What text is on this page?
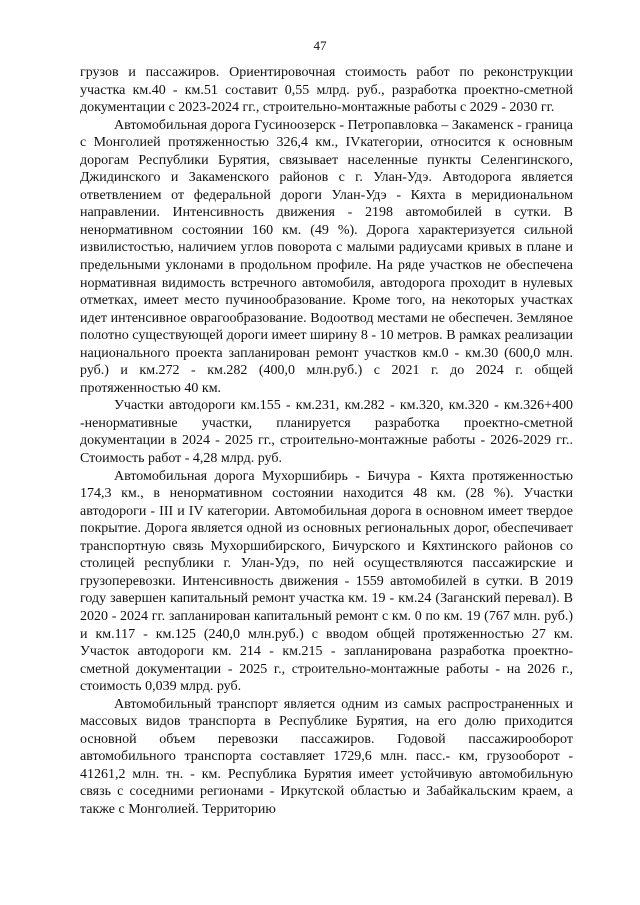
47

грузов и пассажиров. Ориентировочная стоимость работ по реконструкции участка км.40 - км.51 составит 0,55 млрд. руб., разработка проектно-сметной документации с 2023-2024 гг., строительно-монтажные работы с 2029 - 2030 гг.

Автомобильная дорога Гусиноозерск - Петропавловка – Закаменск - граница с Монголией протяженностью 326,4 км., IVкатегории, относится к основным дорогам Республики Бурятия, связывает населенные пункты Селенгинского, Джидинского и Закаменского районов с г. Улан-Удэ. Автодорога является ответвлением от федеральной дороги Улан-Удэ - Кяхта в меридиональном направлении. Интенсивность движения - 2198 автомобилей в сутки. В ненормативном состоянии 160 км. (49 %). Дорога характеризуется сильной извилистостью, наличием углов поворота с малыми радиусами кривых в плане и предельными уклонами в продольном профиле. На ряде участков не обеспечена нормативная видимость встречного автомобиля, автодорога проходит в нулевых отметках, имеет место пучинообразование. Кроме того, на некоторых участках идет интенсивное оврагообразование. Водоотвод местами не обеспечен. Земляное полотно существующей дороги имеет ширину 8 - 10 метров. В рамках реализации национального проекта запланирован ремонт участков км.0 - км.30 (600,0 млн. руб.) и км.272 - км.282 (400,0 млн.руб.) с 2021 г. до 2024 г. общей протяженностью 40 км.

Участки автодороги км.155 - км.231, км.282 - км.320, км.320 - км.326+400 -ненормативные участки, планируется разработка проектно-сметной документации в 2024 - 2025 гг., строительно-монтажные работы - 2026-2029 гг.. Стоимость работ - 4,28 млрд. руб.

Автомобильная дорога Мухоршибирь - Бичура - Кяхта протяженностью 174,3 км., в ненормативном состоянии находится 48 км. (28 %). Участки автодороги - III и IV категории. Автомобильная дорога в основном имеет твердое покрытие. Дорога является одной из основных региональных дорог, обеспечивает транспортную связь Мухоршибирского, Бичурского и Кяхтинского районов со столицей республики г. Улан-Удэ, по ней осуществляются пассажирские и грузоперевозки. Интенсивность движения - 1559 автомобилей в сутки. В 2019 году завершен капитальный ремонт участка км. 19 - км.24 (Заганский перевал). В 2020 - 2024 гг. запланирован капитальный ремонт с км. 0 по км. 19 (767 млн. руб.) и км.117 - км.125 (240,0 млн.руб.) с вводом общей протяженностью 27 км. Участок автодороги км. 214 - км.215 - запланирована разработка проектно-сметной документации - 2025 г., строительно-монтажные работы - на 2026 г., стоимость 0,039 млрд. руб.

Автомобильный транспорт является одним из самых распространенных и массовых видов транспорта в Республике Бурятия, на его долю приходится основной объем перевозки пассажиров. Годовой пассажирооборот автомобильного транспорта составляет 1729,6 млн. пасс.- км, грузооборот - 41261,2 млн. тн. - км. Республика Бурятия имеет устойчивую автомобильную связь с соседними регионами - Иркутской областью и Забайкальским краем, а также с Монголией. Территорию
